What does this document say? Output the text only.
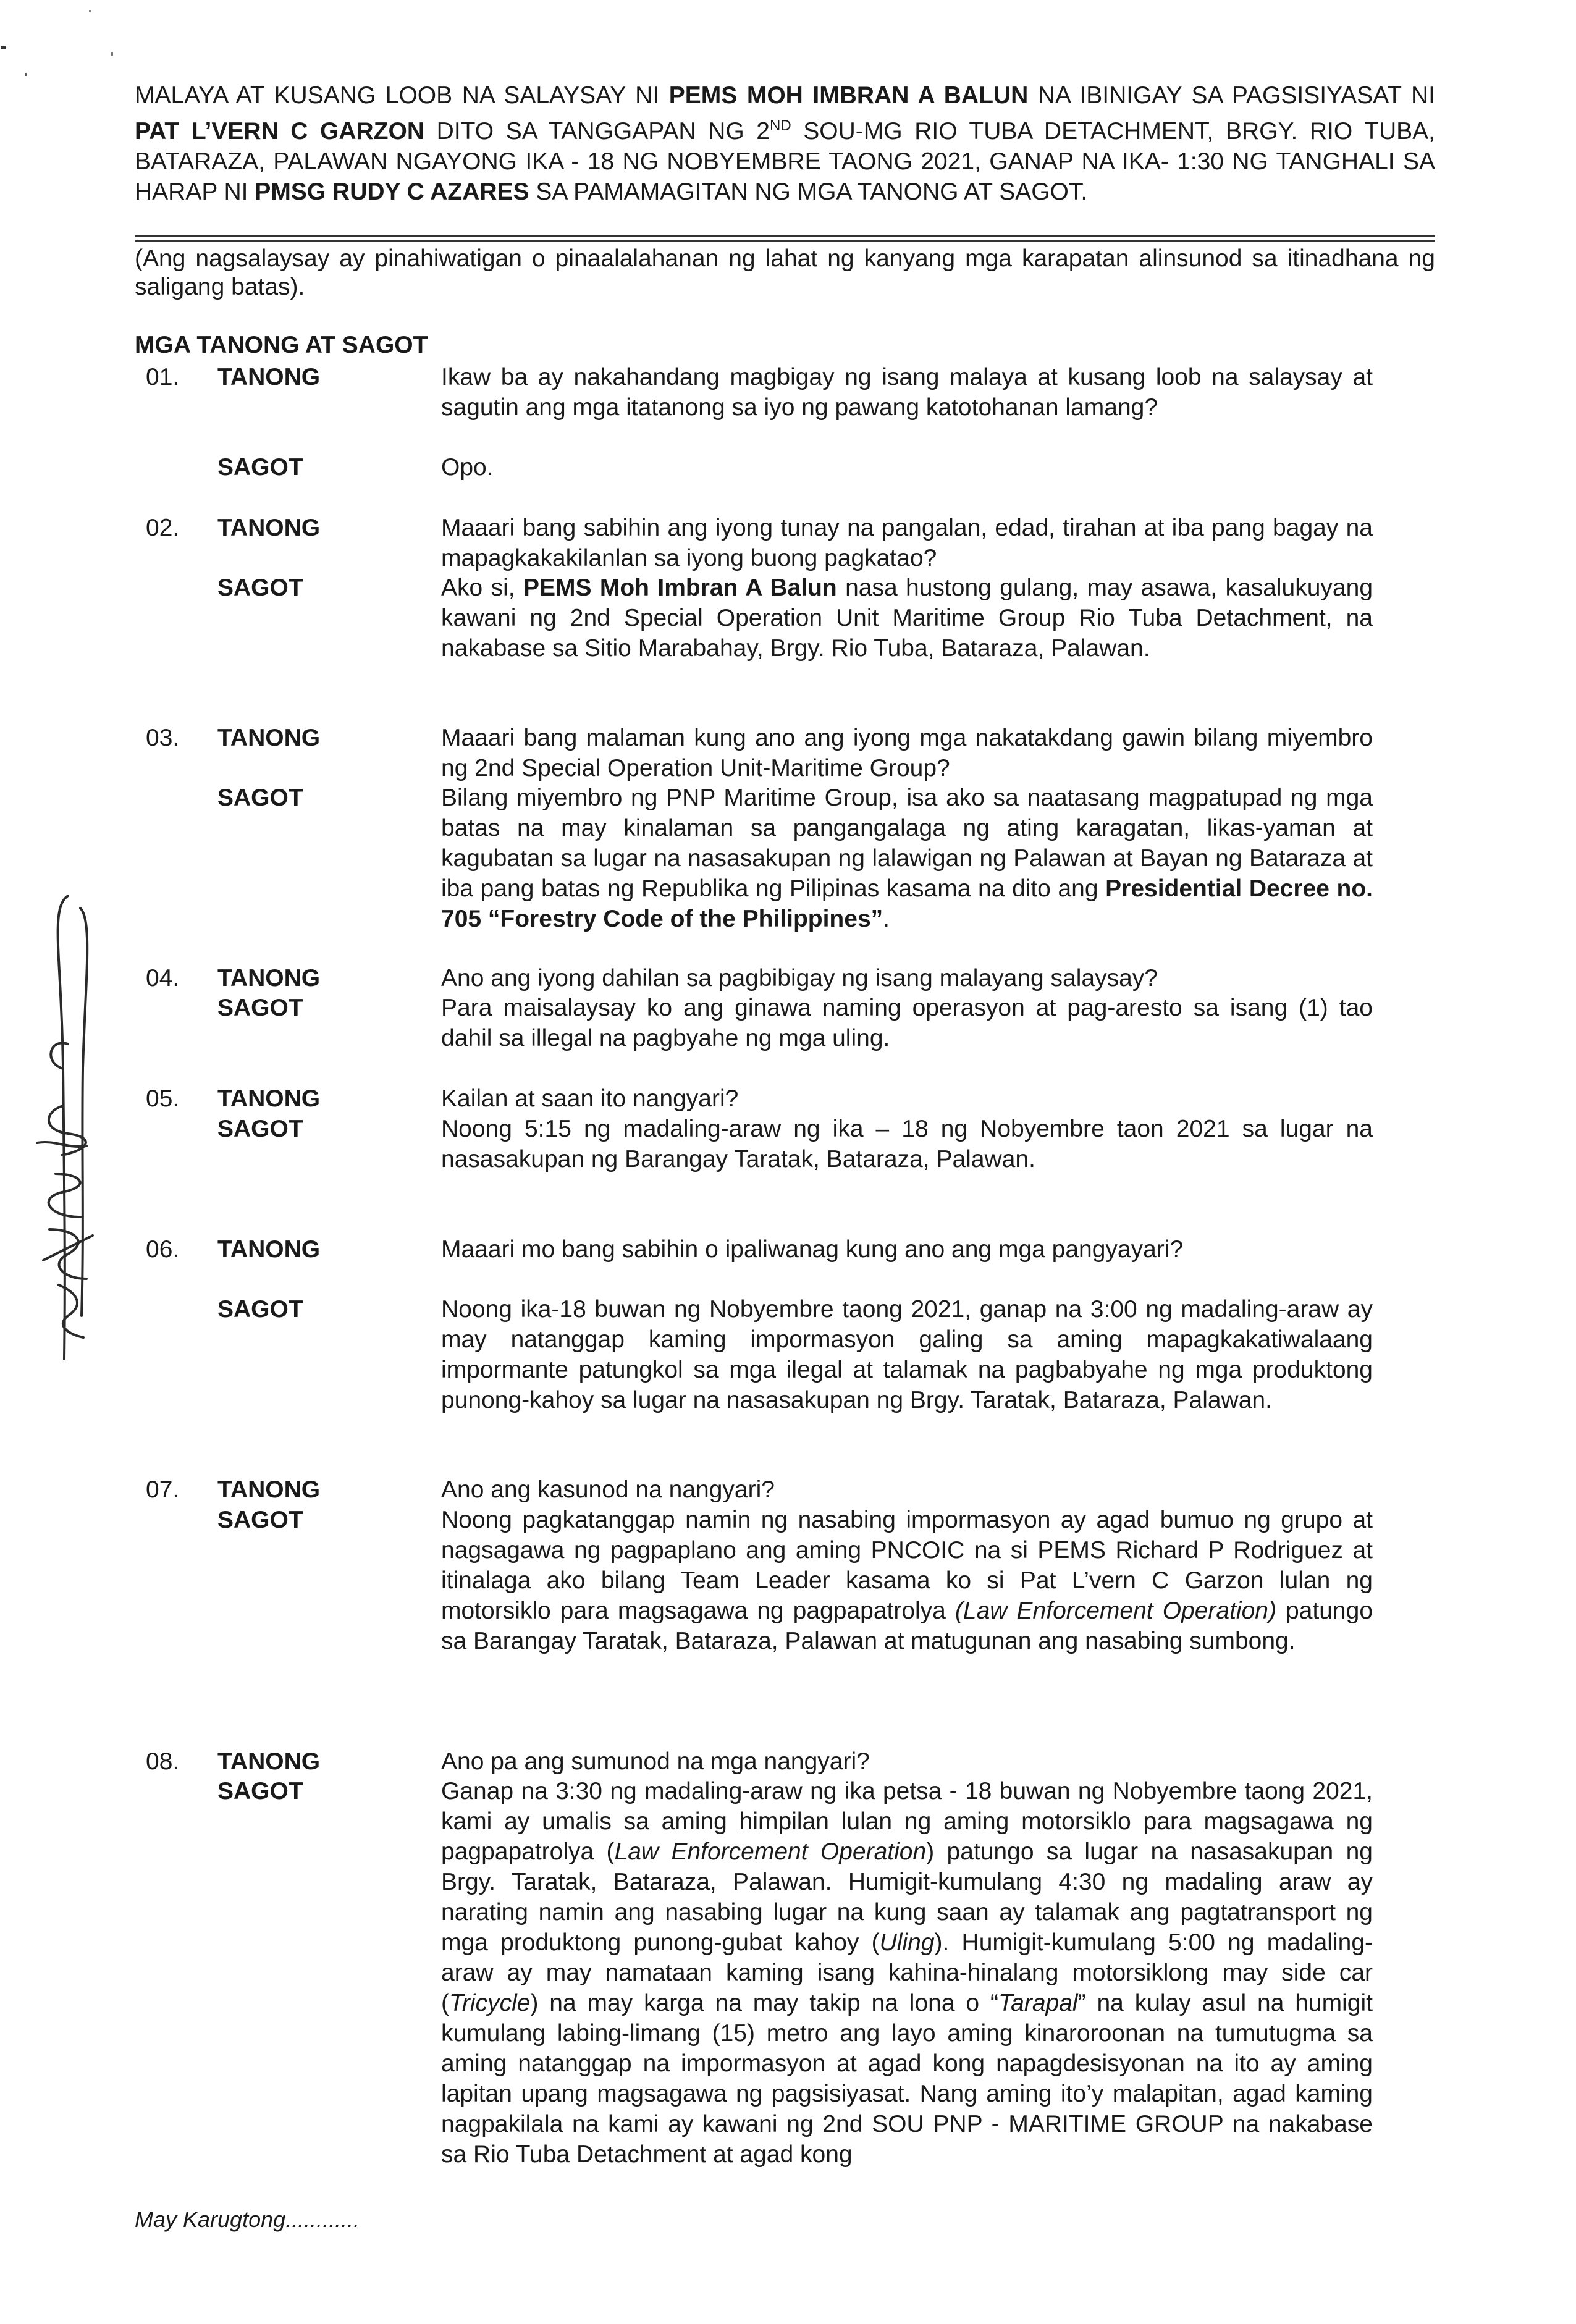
MALAYA AT KUSANG LOOB NA SALAYSAY NI PEMS MOH IMBRAN A BALUN NA IBINIGAY SA PAGSISIYASAT NI PAT L’VERN C GARZON DITO SA TANGGAPAN NG 2ND SOU-MG RIO TUBA DETACHMENT, BRGY. RIO TUBA, BATARAZA, PALAWAN NGAYONG IKA - 18 NG NOBYEMBRE TAONG 2021, GANAP NA IKA- 1:30 NG TANGHALI SA HARAP NI PMSG RUDY C AZARES SA PAMAMAGITAN NG MGA TANONG AT SAGOT.
(Ang nagsalaysay ay pinahiwatigan o pinaalalahanan ng lahat ng kanyang mga karapatan alinsunod sa itinadhana ng saligang batas).
MGA TANONG AT SAGOT
01. TANONG	Ikaw ba ay nakahandang magbigay ng isang malaya at kusang loob na salaysay at sagutin ang mga itatanong sa iyo ng pawang katotohanan lamang?
SAGOT	Opo.
02. TANONG	Maaari bang sabihin ang iyong tunay na pangalan, edad, tirahan at iba pang bagay na mapagkakakilanlan sa iyong buong pagkatao?
SAGOT	Ako si, PEMS Moh Imbran A Balun nasa hustong gulang, may asawa, kasalukuyang kawani ng 2nd Special Operation Unit Maritime Group Rio Tuba Detachment, na nakabase sa Sitio Marabahay, Brgy. Rio Tuba, Bataraza, Palawan.
03. TANONG	Maaari bang malaman kung ano ang iyong mga nakatakdang gawin bilang miyembro ng 2nd Special Operation Unit-Maritime Group?
SAGOT	Bilang miyembro ng PNP Maritime Group, isa ako sa naatasang magpatupad ng mga batas na may kinalaman sa pangangalaga ng ating karagatan, likas-yaman at kagubatan sa lugar na nasasakupan ng lalawigan ng Palawan at Bayan ng Bataraza at iba pang batas ng Republika ng Pilipinas kasama na dito ang Presidential Decree no. 705 “Forestry Code of the Philippines”.
04. TANONG	Ano ang iyong dahilan sa pagbibigay ng isang malayang salaysay?
SAGOT	Para maisalaysay ko ang ginawa naming operasyon at pag-aresto sa isang (1) tao dahil sa illegal na pagbyahe ng mga uling.
05. TANONG	Kailan at saan ito nangyari?
SAGOT	Noong 5:15 ng madaling-araw ng ika – 18 ng Nobyembre taon 2021 sa lugar na nasasakupan ng Barangay Taratak, Bataraza, Palawan.
06. TANONG	Maaari mo bang sabihin o ipaliwanag kung ano ang mga pangyayari?
SAGOT	Noong ika-18 buwan ng Nobyembre taong 2021, ganap na 3:00 ng madaling-araw ay may natanggap kaming impormasyon galing sa aming mapagkakatiwalaang impormante patungkol sa mga ilegal at talamak na pagbabyahe ng mga produktong punong-kahoy sa lugar na nasasakupan ng Brgy. Taratak, Bataraza, Palawan.
07. TANONG	Ano ang kasunod na nangyari?
SAGOT	Noong pagkatanggap namin ng nasabing impormasyon ay agad bumuo ng grupo at nagsagawa ng pagpaplano ang aming PNCOIC na si PEMS Richard P Rodriguez at itinalaga ako bilang Team Leader kasama ko si Pat L’vern C Garzon lulan ng motorsiklo para magsagawa ng pagpapatrolya (Law Enforcement Operation) patungo sa Barangay Taratak, Bataraza, Palawan at matugunan ang nasabing sumbong.
08. TANONG	Ano pa ang sumunod na mga nangyari?
SAGOT	Ganap na 3:30 ng madaling-araw ng ika petsa - 18 buwan ng Nobyembre taong 2021, kami ay umalis sa aming himpilan lulan ng aming motorsiklo para magsagawa ng pagpapatrolya (Law Enforcement Operation) patungo sa lugar na nasasakupan ng Brgy. Taratak, Bataraza, Palawan. Humigit-kumulang 4:30 ng madaling araw ay narating namin ang nasabing lugar na kung saan ay talamak ang pagtatransport ng mga produktong punong-gubat kahoy (Uling). Humigit-kumulang 5:00 ng madaling-araw ay may namataan kaming isang kahina-hinalang motorsiklong may side car (Tricycle) na may karga na may takip na lona o “Tarapal” na kulay asul na humigit kumulang labing-limang (15) metro ang layo aming kinaroroonan na tumutugma sa aming natanggap na impormasyon at agad kong napagdesisyonan na ito ay aming lapitan upang magsagawa ng pagsisiyasat. Nang aming ito’y malapitan, agad kaming nagpakilala na kami ay kawani ng 2nd SOU PNP - MARITIME GROUP na nakabase sa Rio Tuba Detachment at agad kong
May Karugtong............
